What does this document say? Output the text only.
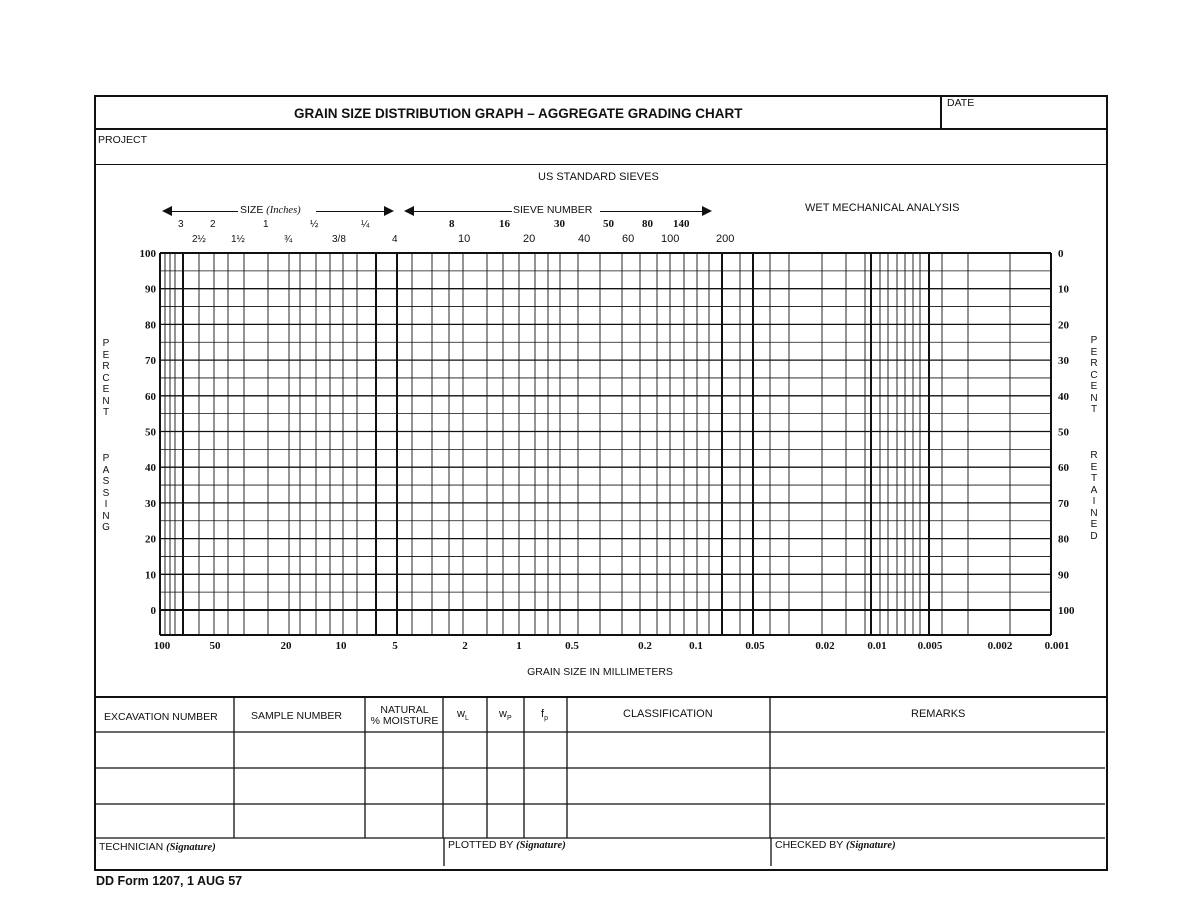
GRAIN SIZE DISTRIBUTION GRAPH – AGGREGATE GRADING CHART
DATE
PROJECT
US STANDARD SIEVES
SIZE (Inches)	SIEVE NUMBER	WET MECHANICAL ANALYSIS
3	2	1	½	¼
2½	1½	¾	3/8	4
8	16	30	50	80 140
10	20	40	60 100	200
100
90
80
70
60
50
40
30
20
10
0
0
10
20
30
40
50
60
70
80
90
100
100	50	20	10	5	2	1	0.5	0.2	0.1	0.05	0.02	0.01	0.005	0.002	0.001
P
E
R
C
E
N
T

P
A
S
S
I
N
G
P
E
R
C
E
N
T

R
E
T
A
I
N
E
D
GRAIN SIZE IN MILLIMETERS
EXCAVATION NUMBER	SAMPLE NUMBER	NATURAL
% MOISTURE
$w_L$	$w_P$	$f_p$	CLASSIFICATION	REMARKS
TECHNICIAN (Signature)	PLOTTED BY (Signature)	CHECKED BY (Signature)
DD Form 1207, 1 AUG 57
